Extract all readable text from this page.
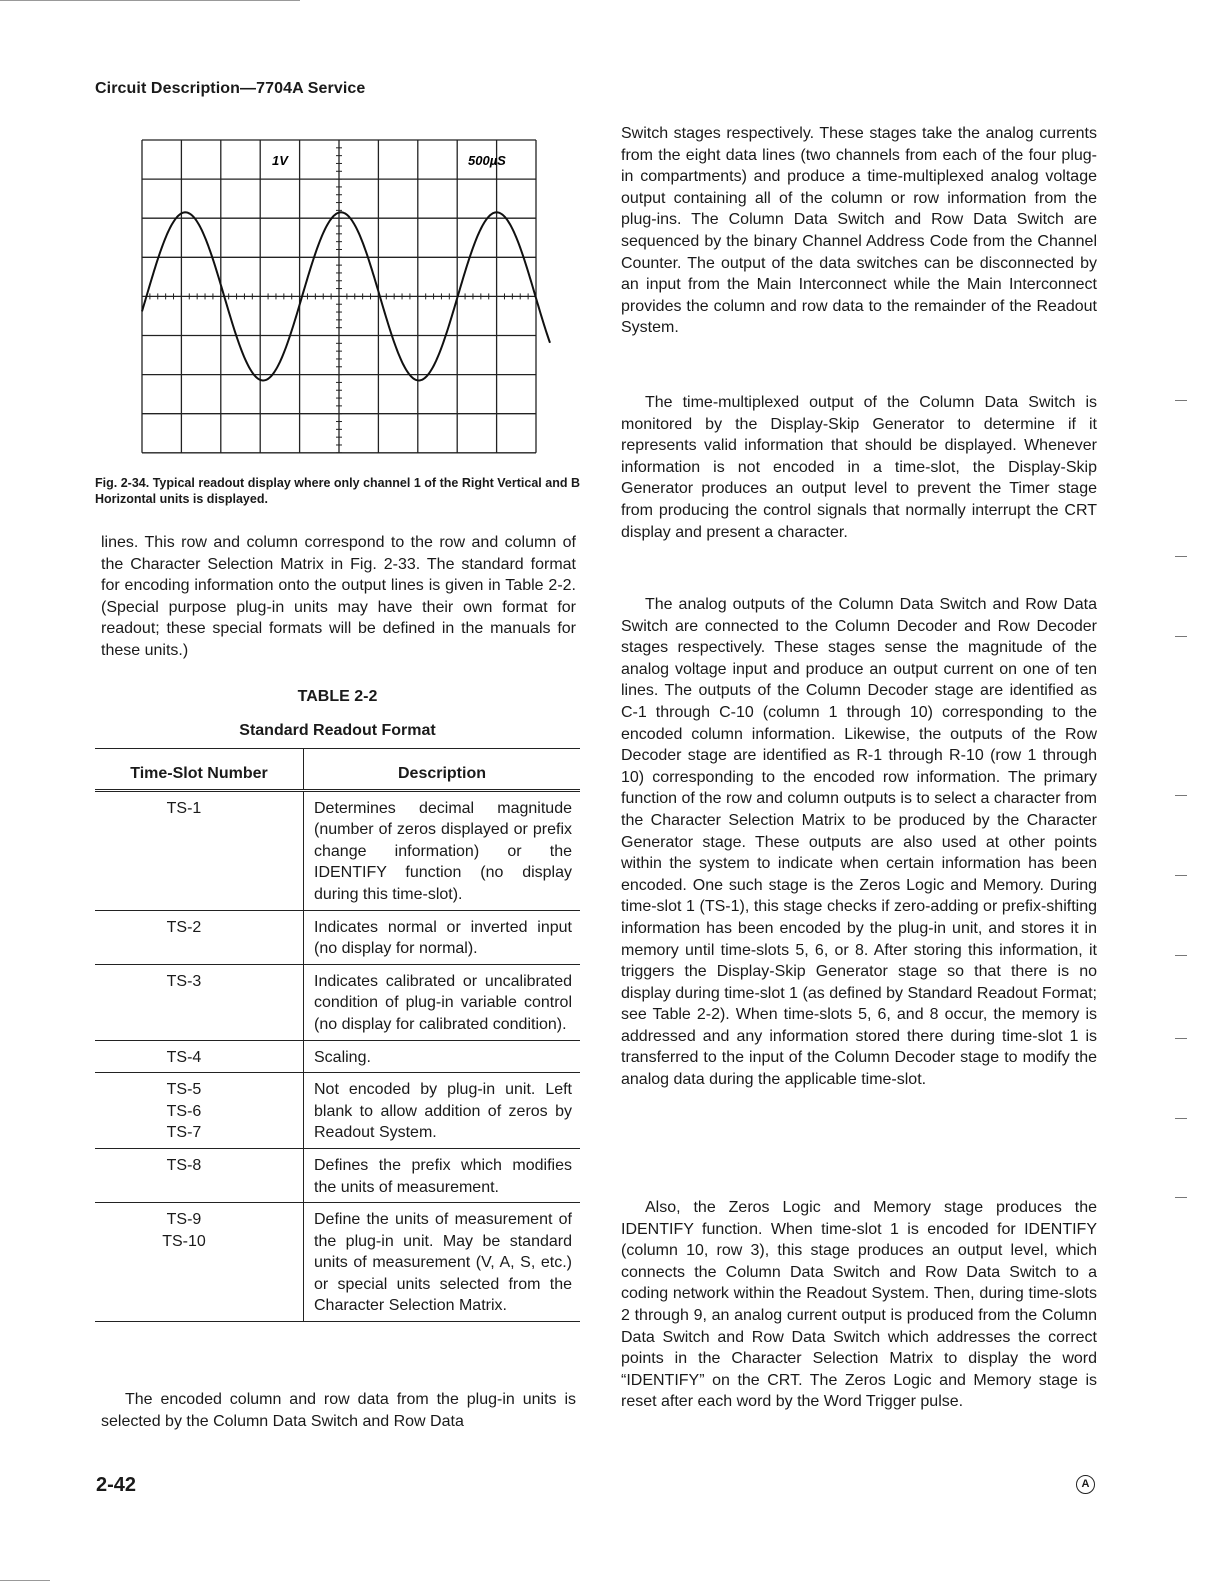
Circuit Description—7704A Service
1V	500µS
Fig. 2-34. Typical readout display where only channel 1 of the Right Vertical and B Horizontal units is displayed.

lines. This row and column correspond to the row and column of the Character Selection Matrix in Fig. 2-33. The standard format for encoding information onto the output lines is given in Table 2-2. (Special purpose plug-in units may have their own format for readout; these special formats will be defined in the manuals for these units.)

TABLE 2-2
Standard Readout Format
Time-Slot Number	Description

TS-1	Determines decimal magnitude (number of zeros displayed or prefix change information) or the IDENTIFY function (no display during this time-slot).

TS-2	Indicates normal or inverted input (no display for normal).

TS-3	Indicates calibrated or uncalibrated condition of plug-in variable control (no display for calibrated condition).

TS-4	Scaling.

TS-5
TS-6
TS-7	Not encoded by plug-in unit. Left blank to allow addition of zeros by Readout System.

TS-8	Defines the prefix which modifies the units of measurement.

TS-9
TS-10	Define the units of measurement of the plug-in unit. May be standard units of measurement (V, A, S, etc.) or special units selected from the Character Selection Matrix.

The encoded column and row data from the plug-in units is selected by the Column Data Switch and Row Data

Switch stages respectively. These stages take the analog currents from the eight data lines (two channels from each of the four plug-in compartments) and produce a time-multiplexed analog voltage output containing all of the column or row information from the plug-ins. The Column Data Switch and Row Data Switch are sequenced by the binary Channel Address Code from the Channel Counter. The output of the data switches can be disconnected by an input from the Main Interconnect while the Main Interconnect provides the column and row data to the remainder of the Readout System.

The time-multiplexed output of the Column Data Switch is monitored by the Display-Skip Generator to determine if it represents valid information that should be displayed. Whenever information is not encoded in a time-slot, the Display-Skip Generator produces an output level to prevent the Timer stage from producing the control signals that normally interrupt the CRT display and present a character.

The analog outputs of the Column Data Switch and Row Data Switch are connected to the Column Decoder and Row Decoder stages respectively. These stages sense the magnitude of the analog voltage input and produce an output current on one of ten lines. The outputs of the Column Decoder stage are identified as C-1 through C-10 (column 1 through 10) corresponding to the encoded column information. Likewise, the outputs of the Row Decoder stage are identified as R-1 through R-10 (row 1 through 10) corresponding to the encoded row information. The primary function of the row and column outputs is to select a character from the Character Selection Matrix to be produced by the Character Generator stage. These outputs are also used at other points within the system to indicate when certain information has been encoded. One such stage is the Zeros Logic and Memory. During time-slot 1 (TS-1), this stage checks if zero-adding or prefix-shifting information has been encoded by the plug-in unit, and stores it in memory until time-slots 5, 6, or 8. After storing this information, it triggers the Display-Skip Generator stage so that there is no display during time-slot 1 (as defined by Standard Readout Format; see Table 2-2). When time-slots 5, 6, and 8 occur, the memory is addressed and any information stored there during time-slot 1 is transferred to the input of the Column Decoder stage to modify the analog data during the applicable time-slot.

Also, the Zeros Logic and Memory stage produces the IDENTIFY function. When time-slot 1 is encoded for IDENTIFY (column 10, row 3), this stage produces an output level, which connects the Column Data Switch and Row Data Switch to a coding network within the Readout System. Then, during time-slots 2 through 9, an analog current output is produced from the Column Data Switch and Row Data Switch which addresses the correct points in the Character Selection Matrix to display the word “IDENTIFY” on the CRT. The Zeros Logic and Memory stage is reset after each word by the Word Trigger pulse.

2-42	A
